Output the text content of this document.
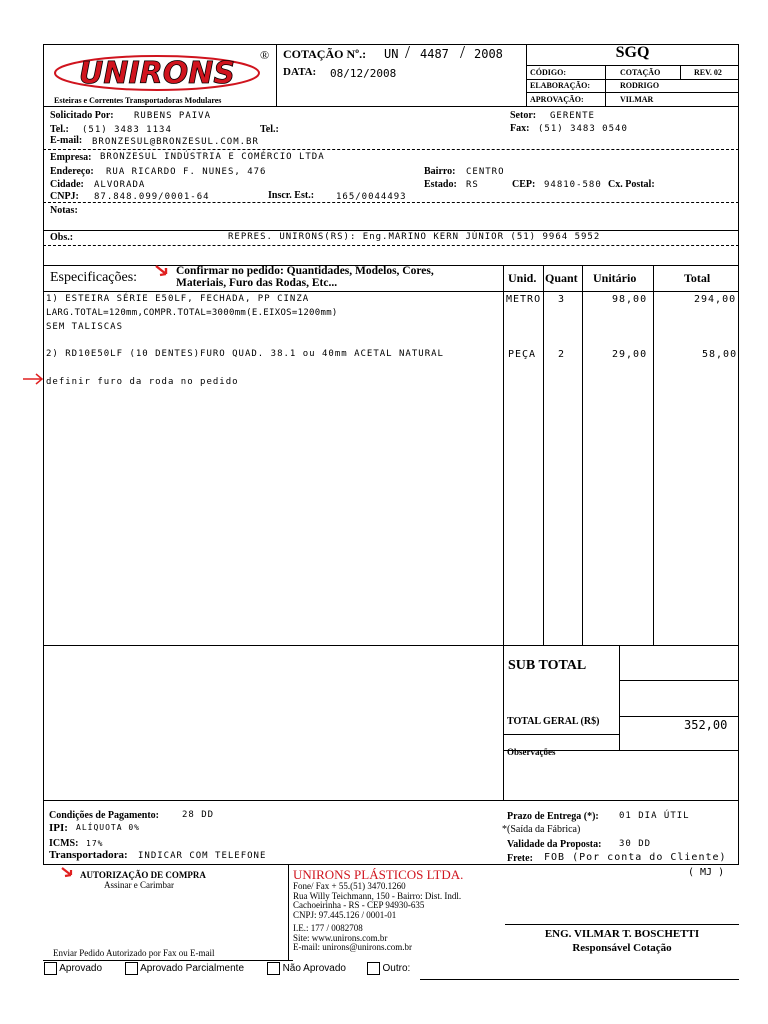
UNIRONS
®
Esteiras e Correntes Transportadoras Modulares
COTAÇÃO Nº.: UN / 4487 / 2008
DATA: 08/12/2008
SGQ
CÓDIGO:	COTAÇÃO	REV. 02
ELABORAÇÃO:	RODRIGO
APROVAÇÃO:	VILMAR
Solicitado Por: RUBENS PAIVA	Setor: GERENTE
Tel.: (51) 3483 1134	Tel.:	Fax: (51) 3483 0540
E-mail: BRONZESUL@BRONZESUL.COM.BR
Empresa: BRONZESUL INDÚSTRIA E COMÉRCIO LTDA
Endereço: RUA RICARDO F. NUNES, 476	Bairro: CENTRO
Cidade: ALVORADA	Estado: RS	CEP: 94810-580 Cx. Postal:
CNPJ: 87.848.099/0001-64	Inscr. Est.: 165/0044493
Notas:
Obs.:	REPRES. UNIRONS(RS): Eng.MARINO KERN JÚNIOR (51) 9964 5952
Especificações:	Confirmar no pedido: Quantidades, Modelos, Cores,
Materiais, Furo das Rodas, Etc...	Unid. Quant Unitário	Total
1) ESTEIRA SÉRIE E50LF, FECHADA, PP CINZA
LARG.TOTAL=120mm,COMPR.TOTAL=3000mm(E.EIXOS=1200mm)
SEM TALISCAS
METRO 3	98,00	294,00
2) RD10E50LF (10 DENTES)FURO QUAD. 38.1 ou 40mm ACETAL NATURAL	PEÇA 2	29,00	58,00
definir furo da roda no pedido
SUB TOTAL
TOTAL GERAL (R$)	352,00
Observações
Condições de Pagamento:	28 DD
IPI: ALÍQUOTA 0%
ICMS: 17%
Transportadora: INDICAR COM TELEFONE
Prazo de Entrega (*): 01 DIA ÚTIL
*(Saída da Fábrica)
Validade da Proposta: 30 DD
Frete: FOB (Por conta do Cliente)
AUTORIZAÇÃO DE COMPRA
Assinar e Carimbar
Enviar Pedido Autorizado por Fax ou E-mail
UNIRONS PLÁSTICOS LTDA.
Fone/ Fax + 55.(51) 3470.1260
Rua Willy Teichmann, 150 - Bairro: Dist. Indl.
Cachoeirinha - RS - CEP 94930-635
CNPJ: 97.445.126 / 0001-01
I.E.: 177 / 0082708
Site: www.unirons.com.br
E-mail: unirons@unirons.com.br
( MJ )
ENG. VILMAR T. BOSCHETTI
Responsável Cotação
Aprovado	Aprovado Parcialmente	Não Aprovado	Outro:
